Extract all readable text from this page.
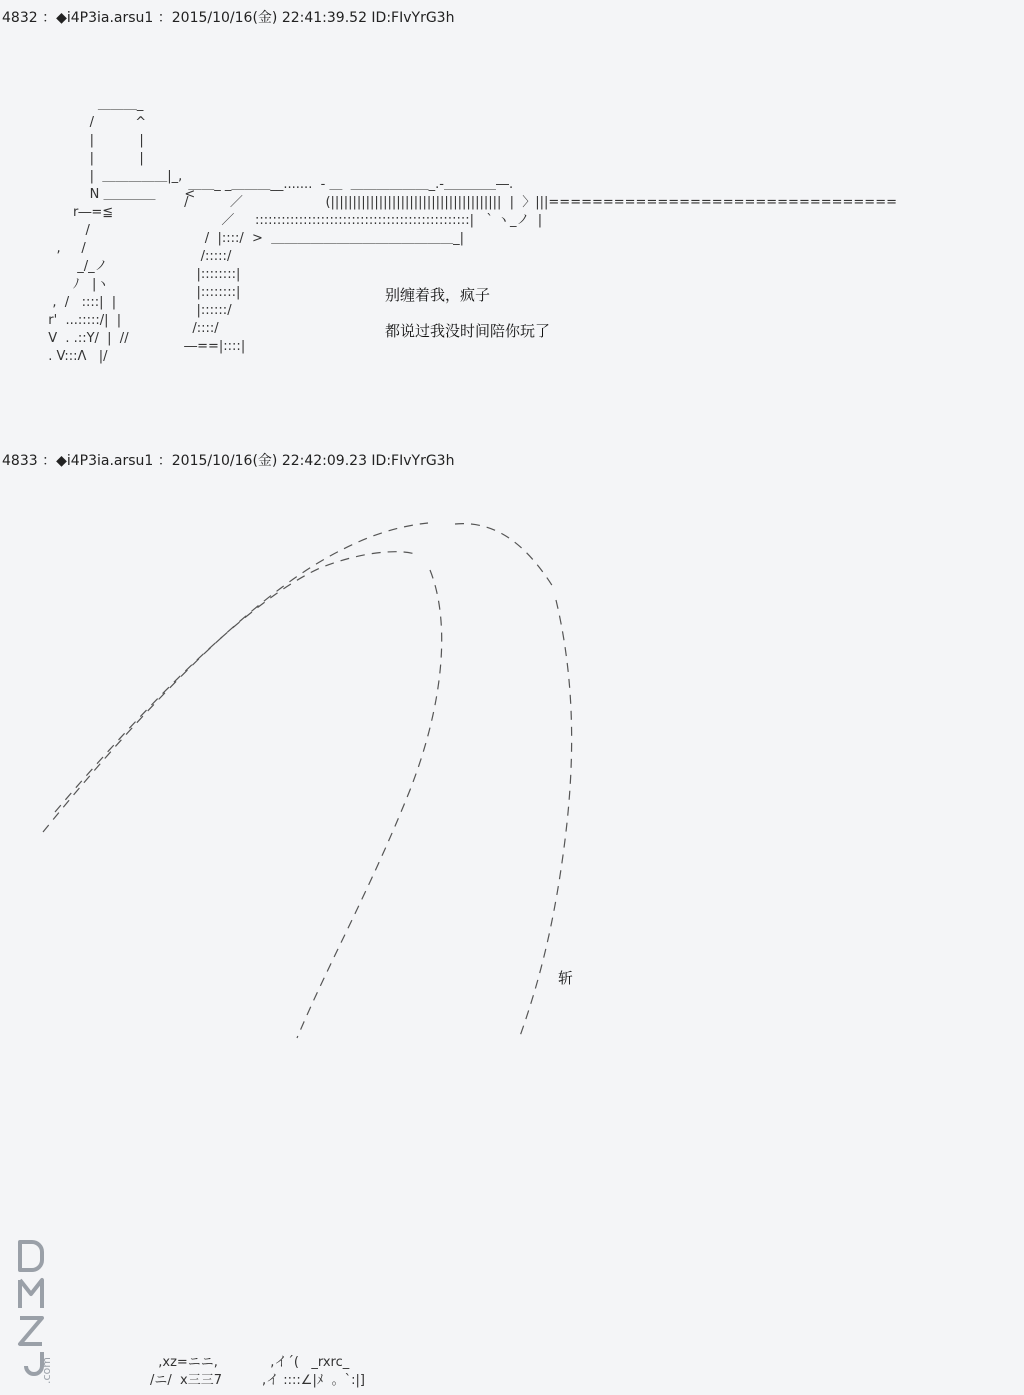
4832 ：◆i4P3ia.arsu1 ：2015/10/16(金) 22:41:39.52 ID:FIvYrG3h
＿＿＿_
/          ^
|           |
|           |
|  ＿＿＿＿＿|_,
N ＿＿＿＿       <
r―=≦
/
,     /
_/_ノ
ﾉ   |ヽ
,  /   ::::|  |
r'  ...:::::/|  |
V  . .::Y/  |  //
. V:::Λ   |/
＿＿_ _＿＿＿__.......  - ＿  ＿＿＿＿＿＿_.-＿＿＿＿―.
/          ／                    (|||||||||||||||||||||||||||||||||||||||  |  〉|||================================
／     :::::::::::::::::::::::::::::::::::::::::::::::::|   ` ヽ_ノ  |
/  |::::/  >  ＿＿＿＿＿＿＿＿＿＿＿＿＿＿_|
/:::::/
|::::::::|
|::::::::|
|::::::/
/::::/
―==|::::|
别缠着我，疯子
都说过我没时间陪你玩了
4833 ：◆i4P3ia.arsu1 ：2015/10/16(金) 22:42:09.23 ID:FIvYrG3h
斩
,xz=ニニ,
/ニ/  x三三7
,イ´(   _rxrc_
,イ ::::∠|ﾒ  。`:|]
.com
